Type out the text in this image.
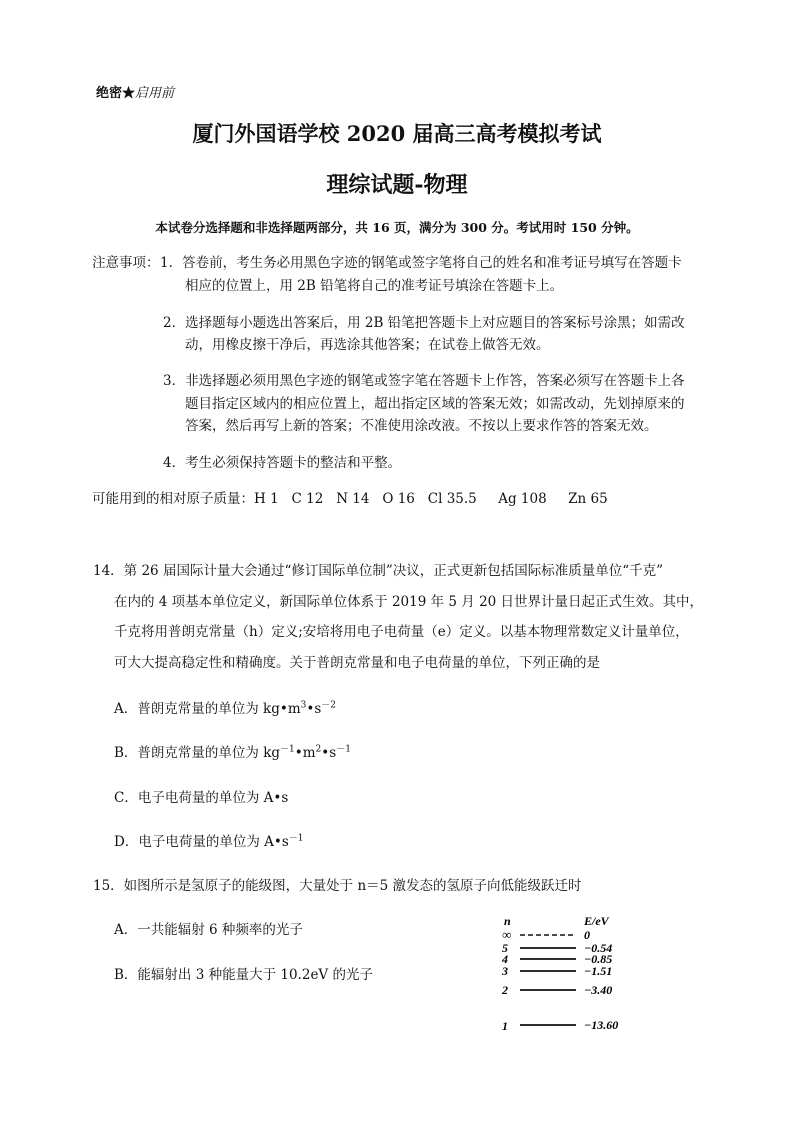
绝密★启用前
厦门外国语学校 2020 届高三高考模拟考试
理综试题-物理
本试卷分选择题和非选择题两部分，共 16 页，满分为 300 分。考试用时 150 分钟。
注意事项： 1．答卷前，考生务必用黑色字迹的钢笔或签字笔将自己的姓名和准考证号填写在答题卡
相应的位置上，用 2B 铅笔将自己的准考证号填涂在答题卡上。
2．选择题每小题选出答案后，用 2B 铅笔把答题卡上对应题目的答案标号涂黑；如需改
动，用橡皮擦干净后，再选涂其他答案；在试卷上做答无效。
3．非选择题必须用黑色字迹的钢笔或签字笔在答题卡上作答，答案必须写在答题卡上各
题目指定区域内的相应位置上，超出指定区域的答案无效；如需改动，先划掉原来的
答案，然后再写上新的答案；不准使用涂改液。不按以上要求作答的答案无效。
4．考生必须保持答题卡的整洁和平整。
可能用到的相对原子质量：H 1   C 12   N 14   O 16   Cl 35.5     Ag 108     Zn 65
14．第 26 届国际计量大会通过“修订国际单位制”决议，正式更新包括国际标准质量单位“千克”
在内的 4 项基本单位定义，新国际单位体系于 2019 年 5 月 20 日世界计量日起正式生效。其中，
千克将用普朗克常量（h）定义;安培将用电子电荷量（e）定义。以基本物理常数定义计量单位，
可大大提高稳定性和精确度。关于普朗克常量和电子电荷量的单位，下列正确的是
A．普朗克常量的单位为 $kg•m^3•s^{-2}$
B．普朗克常量的单位为 $kg^{-1}•m^2•s^{-1}$
C．电子电荷量的单位为 A•s
D．电子电荷量的单位为 $A•s^{-1}$
15．如图所示是氢原子的能级图，大量处于 n＝5 激发态的氢原子向低能级跃迁时
A．一共能辐射 6 种频率的光子
B．能辐射出 3 种能量大于 10.2eV 的光子
n	E/eV
∞	0
5	−0.54
4	−0.85
3	−1.51
2	−3.40
1	−13.60
